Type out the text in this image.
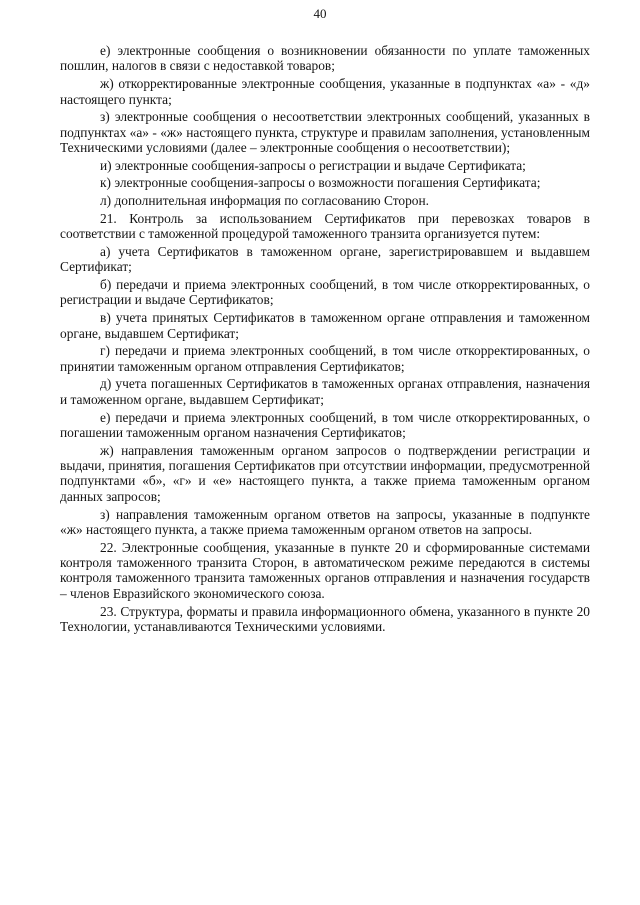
40

е) электронные сообщения о возникновении обязанности по уплате таможенных пошлин, налогов в связи с недоставкой товаров;

ж) откорректированные электронные сообщения, указанные в подпунктах «а» - «д» настоящего пункта;

з) электронные сообщения о несоответствии электронных сообщений, указанных в подпунктах «а» - «ж» настоящего пункта, структуре и правилам заполнения, установленным Техническими условиями (далее – электронные сообщения о несоответствии);

и) электронные сообщения-запросы о регистрации и выдаче Сертификата;

к) электронные сообщения-запросы о возможности погашения Сертификата;

л) дополнительная информация по согласованию Сторон.

21. Контроль за использованием Сертификатов при перевозках товаров в соответствии с таможенной процедурой таможенного транзита организуется путем:

а) учета Сертификатов в таможенном органе, зарегистрировавшем и выдавшем Сертификат;

б) передачи и приема электронных сообщений, в том числе откорректированных, о регистрации и выдаче Сертификатов;

в) учета принятых Сертификатов в таможенном органе отправления и таможенном органе, выдавшем Сертификат;

г) передачи и приема электронных сообщений, в том числе откорректированных, о принятии таможенным органом отправления Сертификатов;

д) учета погашенных Сертификатов в таможенных органах отправления, назначения и таможенном органе, выдавшем Сертификат;

е) передачи и приема электронных сообщений, в том числе откорректированных, о погашении таможенным органом назначения Сертификатов;

ж) направления таможенным органом запросов о подтверждении регистрации и выдачи, принятия, погашения Сертификатов при отсутствии информации, предусмотренной подпунктами «б», «г» и «е» настоящего пункта, а также приема таможенным органом данных запросов;

з) направления таможенным органом ответов на запросы, указанные в подпункте «ж» настоящего пункта, а также приема таможенным органом ответов на запросы.

22. Электронные сообщения, указанные в пункте 20 и сформированные системами контроля таможенного транзита Сторон, в автоматическом режиме передаются в системы контроля таможенного транзита таможенных органов отправления и назначения государств – членов Евразийского экономического союза.

23. Структура, форматы и правила информационного обмена, указанного в пункте 20 Технологии, устанавливаются Техническими условиями.
